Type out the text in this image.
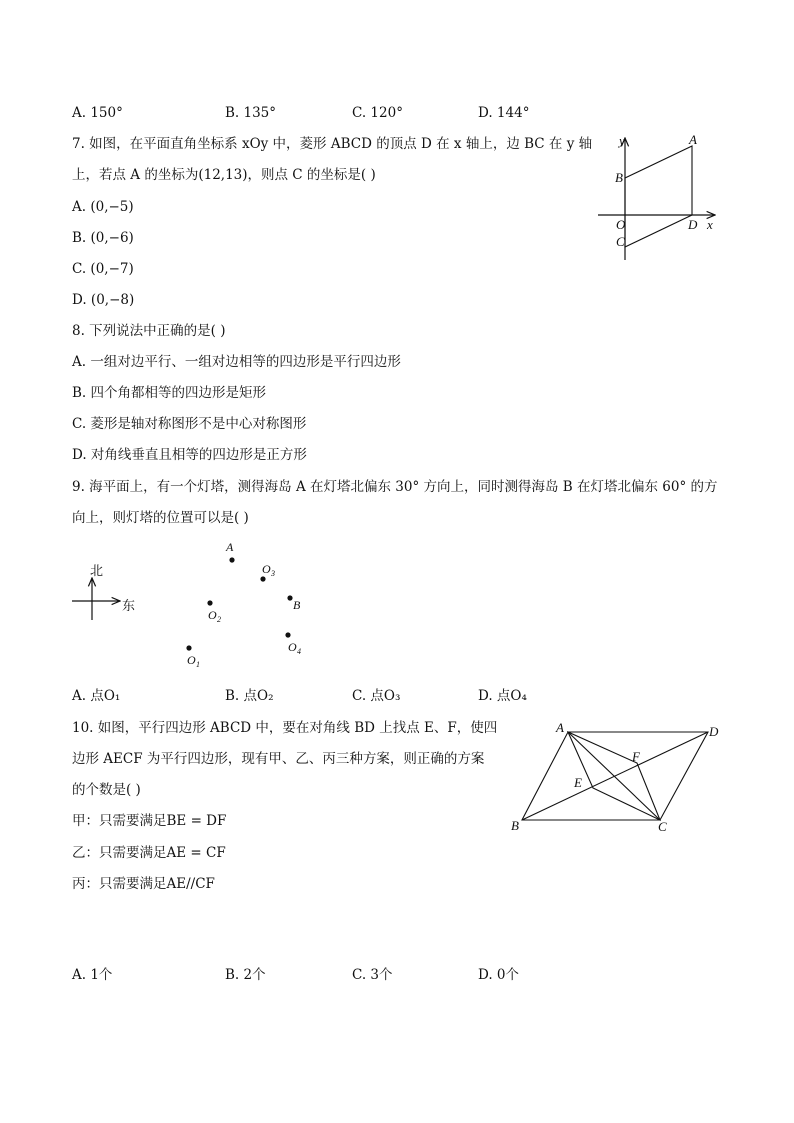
A. 150°	B. 135°	C. 120°	D. 144°
7. 如图，在平面直角坐标系 xOy 中，菱形 ABCD 的顶点 D 在 x 轴上，边 BC 在 y 轴
上，若点 A 的坐标为(12,13)，则点 C 的坐标是( )
A. (0,−5)
B. (0,−6)
C. (0,−7)
D. (0,−8)
y	A
B
O
C
D x
8. 下列说法中正确的是( )
A. 一组对边平行、一组对边相等的四边形是平行四边形
B. 四个角都相等的四边形是矩形
C. 菱形是轴对称图形不是中心对称图形
D. 对角线垂直且相等的四边形是正方形
9. 海平面上，有一个灯塔，测得海岛 A 在灯塔北偏东 30° 方向上，同时测得海岛 B 在灯塔北偏东 60° 的方
向上，则灯塔的位置可以是( )
北
东
A
O 3
B
O 2
O 4
O 1
A. 点O₁	B. 点O₂	C. 点O₃	D. 点O₄
10. 如图，平行四边形 ABCD 中，要在对角线 BD 上找点 E、F，使四
边形 AECF 为平行四边形，现有甲、乙、丙三种方案，则正确的方案
的个数是( )
甲：只需要满足BE = DF
乙：只需要满足AE = CF
丙：只需要满足AE//CF
A	D
B	C
E
F
A. 1个	B. 2个	C. 3个	D. 0个
